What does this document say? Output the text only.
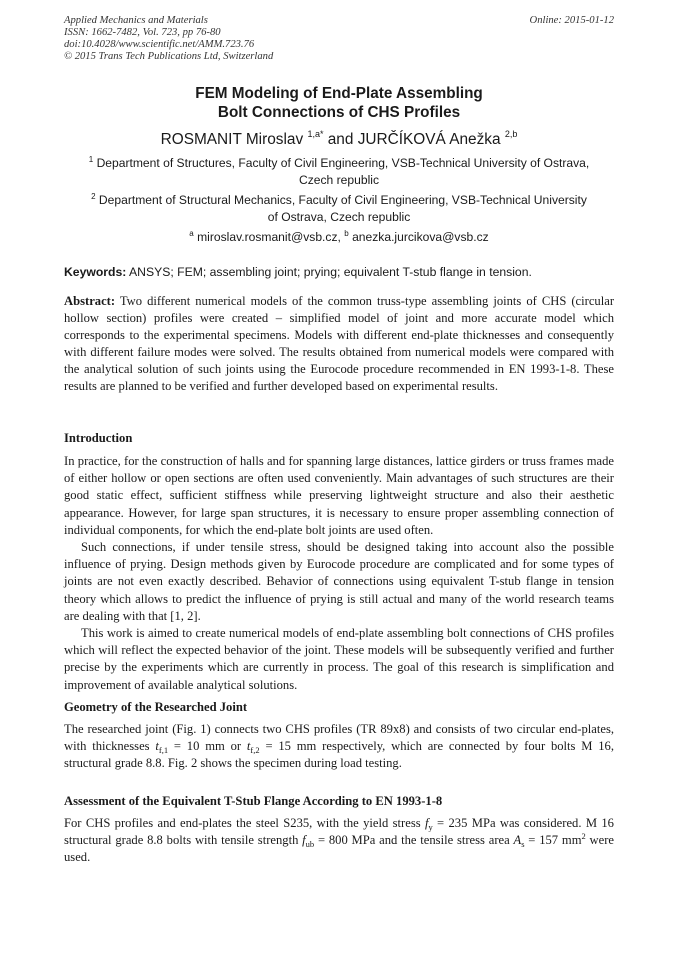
Applied Mechanics and Materials
ISSN: 1662-7482, Vol. 723, pp 76-80
doi:10.4028/www.scientific.net/AMM.723.76
© 2015 Trans Tech Publications Ltd, Switzerland
Online: 2015-01-12
FEM Modeling of End-Plate Assembling
Bolt Connections of CHS Profiles
ROSMANIT Miroslav $^{1,a*}$ and JURČÍKOVÁ Anežka $^{2,b}$
$^1$ Department of Structures, Faculty of Civil Engineering, VSB-Technical University of Ostrava,
Czech republic
$^2$ Department of Structural Mechanics, Faculty of Civil Engineering, VSB-Technical University
of Ostrava, Czech republic
$^a$ miroslav.rosmanit@vsb.cz, $^b$ anezka.jurcikova@vsb.cz
Keywords: ANSYS; FEM; assembling joint; prying; equivalent T-stub flange in tension.
Abstract: Two different numerical models of the common truss-type assembling joints of CHS (circular hollow section) profiles were created – simplified model of joint and more accurate model which corresponds to the experimental specimens. Models with different end-plate thicknesses and consequently with different failure modes were solved. The results obtained from numerical models were compared with the analytical solution of such joints using the Eurocode procedure recommended in EN 1993-1-8. These results are planned to be verified and further developed based on experimental results.
Introduction

In practice, for the construction of halls and for spanning large distances, lattice girders or truss frames made of either hollow or open sections are often used conveniently. Main advantages of such structures are their good static effect, sufficient stiffness while preserving lightweight structure and also their aesthetic appearance. However, for large span structures, it is necessary to ensure proper assembling connection of individual components, for which the end-plate bolt joints are used often.

Such connections, if under tensile stress, should be designed taking into account also the possible influence of prying. Design methods given by Eurocode procedure are complicated and for some types of joints are not even exactly described. Behavior of connections using equivalent T-stub flange in tension theory which allows to predict the influence of prying is still actual and many of the world research teams are dealing with that [1, 2].

This work is aimed to create numerical models of end-plate assembling bolt connections of CHS profiles which will reflect the expected behavior of the joint. These models will be subsequently verified and further precise by the experiments which are currently in process. The goal of this research is simplification and improvement of available analytical solutions.

Geometry of the Researched Joint

The researched joint (Fig. 1) connects two CHS profiles (TR 89x8) and consists of two circular end-plates, with thicknesses $t_{f,1} = 10$ mm or $t_{f,2} = 15$ mm respectively, which are connected by four bolts M 16, structural grade 8.8. Fig. 2 shows the specimen during load testing.

Assessment of the Equivalent T-Stub Flange According to EN 1993-1-8

For CHS profiles and end-plates the steel S235, with the yield stress $f_y = 235$ MPa was considered. M 16 structural grade 8.8 bolts with tensile strength $f_{ub} = 800$ MPa and the tensile stress area $A_s = 157$ $mm^2$ were used.
